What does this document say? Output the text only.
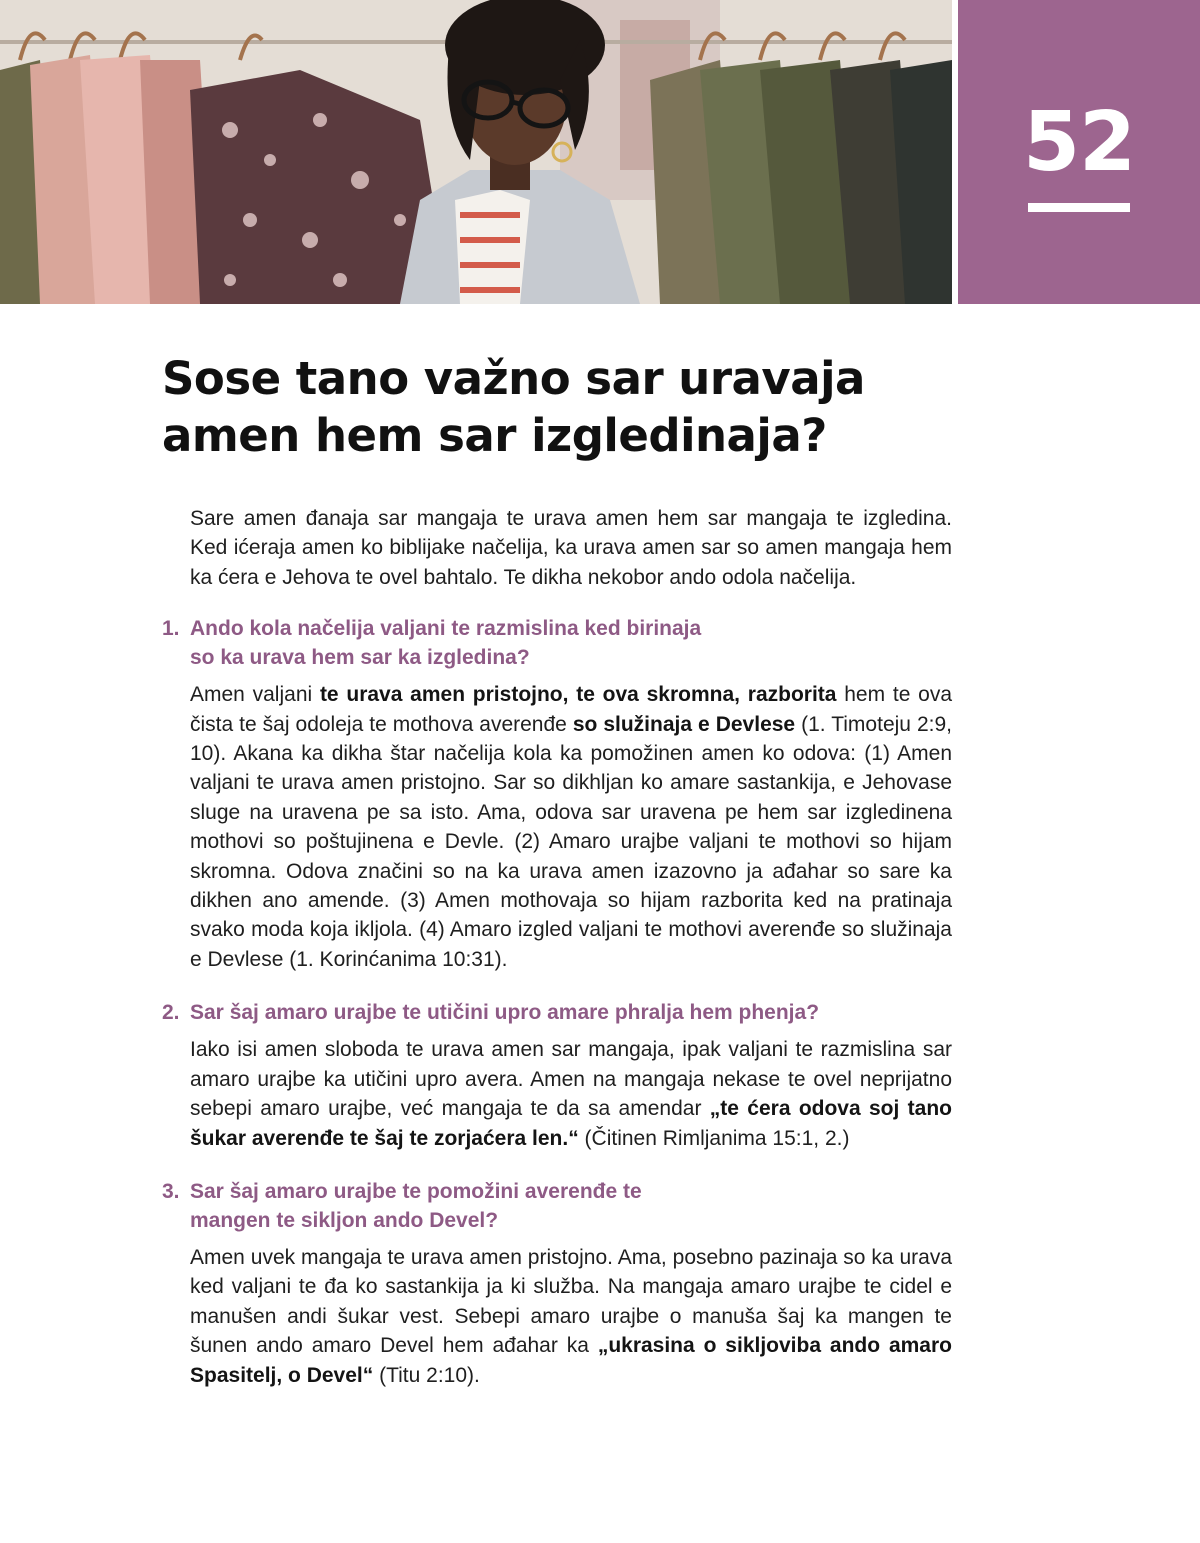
52
Sose tano važno sar uravaja
amen hem sar izgledinaja?

Sare amen đanaja sar mangaja te urava amen hem sar mangaja te izgledina. Ked ićeraja amen ko biblijake načelija, ka urava amen sar so amen mangaja hem ka ćera e Jehova te ovel bahtalo. Te dikha nekobor ando odola načelija.

1. Ando kola načelija valjani te razmislina ked birinaja so ka urava hem sar ka izgledina?

Amen valjani te urava amen pristojno, te ova skromna, razborita hem te ova čista te šaj odoleja te mothova averenđe so služinaja e Devlese (1. Timoteju 2:9, 10). Akana ka dikha štar načelija kola ka pomožinen amen ko odova: (1) Amen valjani te urava amen pristojno. Sar so dikhljan ko amare sastankija, e Jehovase sluge na uravena pe sa isto. Ama, odova sar uravena pe hem sar izgledinena mothovi so poštujinena e Devle. (2) Amaro urajbe valjani te mothovi so hijam skromna. Odova značini so na ka urava amen izazovno ja ađahar so sare ka dikhen ano amende. (3) Amen mothovaja so hijam razborita ked na pratinaja svako moda koja ikljola. (4) Amaro izgled valjani te mothovi averenđe so služinaja e Devlese (1. Korinćanima 10:31).

2. Sar šaj amaro urajbe te utičini upro amare phralja hem phenja?

Iako isi amen sloboda te urava amen sar mangaja, ipak valjani te razmislina sar amaro urajbe ka utičini upro avera. Amen na mangaja nekase te ovel neprijatno sebepi amaro urajbe, već mangaja te da sa amendar „te ćera odova soj tano šukar averenđe te šaj te zorjaćera len.“ (Čitinen Rimljanima 15:1, 2.)

3. Sar šaj amaro urajbe te pomožini averenđe te mangen te sikljon ando Devel?

Amen uvek mangaja te urava amen pristojno. Ama, posebno pazinaja so ka urava ked valjani te đa ko sastankija ja ki služba. Na mangaja amaro urajbe te cidel e manušen andi šukar vest. Sebepi amaro urajbe o manuša šaj ka mangen te šunen ando amaro Devel hem ađahar ka „ukrasina o sikljoviba ando amaro Spasitelj, o Devel“ (Titu 2:10).
